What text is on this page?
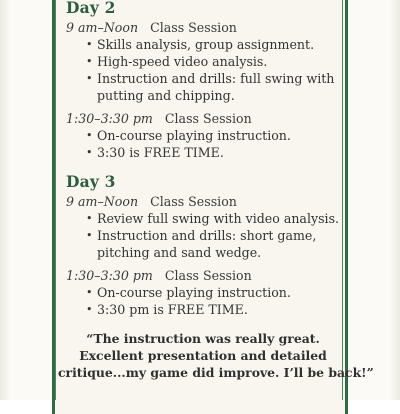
Day 2
9 am–Noon Class Session
• Skills analysis, group assignment.
• High-speed video analysis.
• Instruction and drills: full swing with
putting and chipping.
1:30–3:30 pm Class Session
• On-course playing instruction.
• 3:30 is FREE TIME.
Day 3
9 am–Noon Class Session
• Review full swing with video analysis.
• Instruction and drills: short game,
pitching and sand wedge.
1:30–3:30 pm Class Session
• On-course playing instruction.
• 3:30 pm is FREE TIME.
“The instruction was really great.
Excellent presentation and detailed
critique...my game did improve. I’ll be back!”
